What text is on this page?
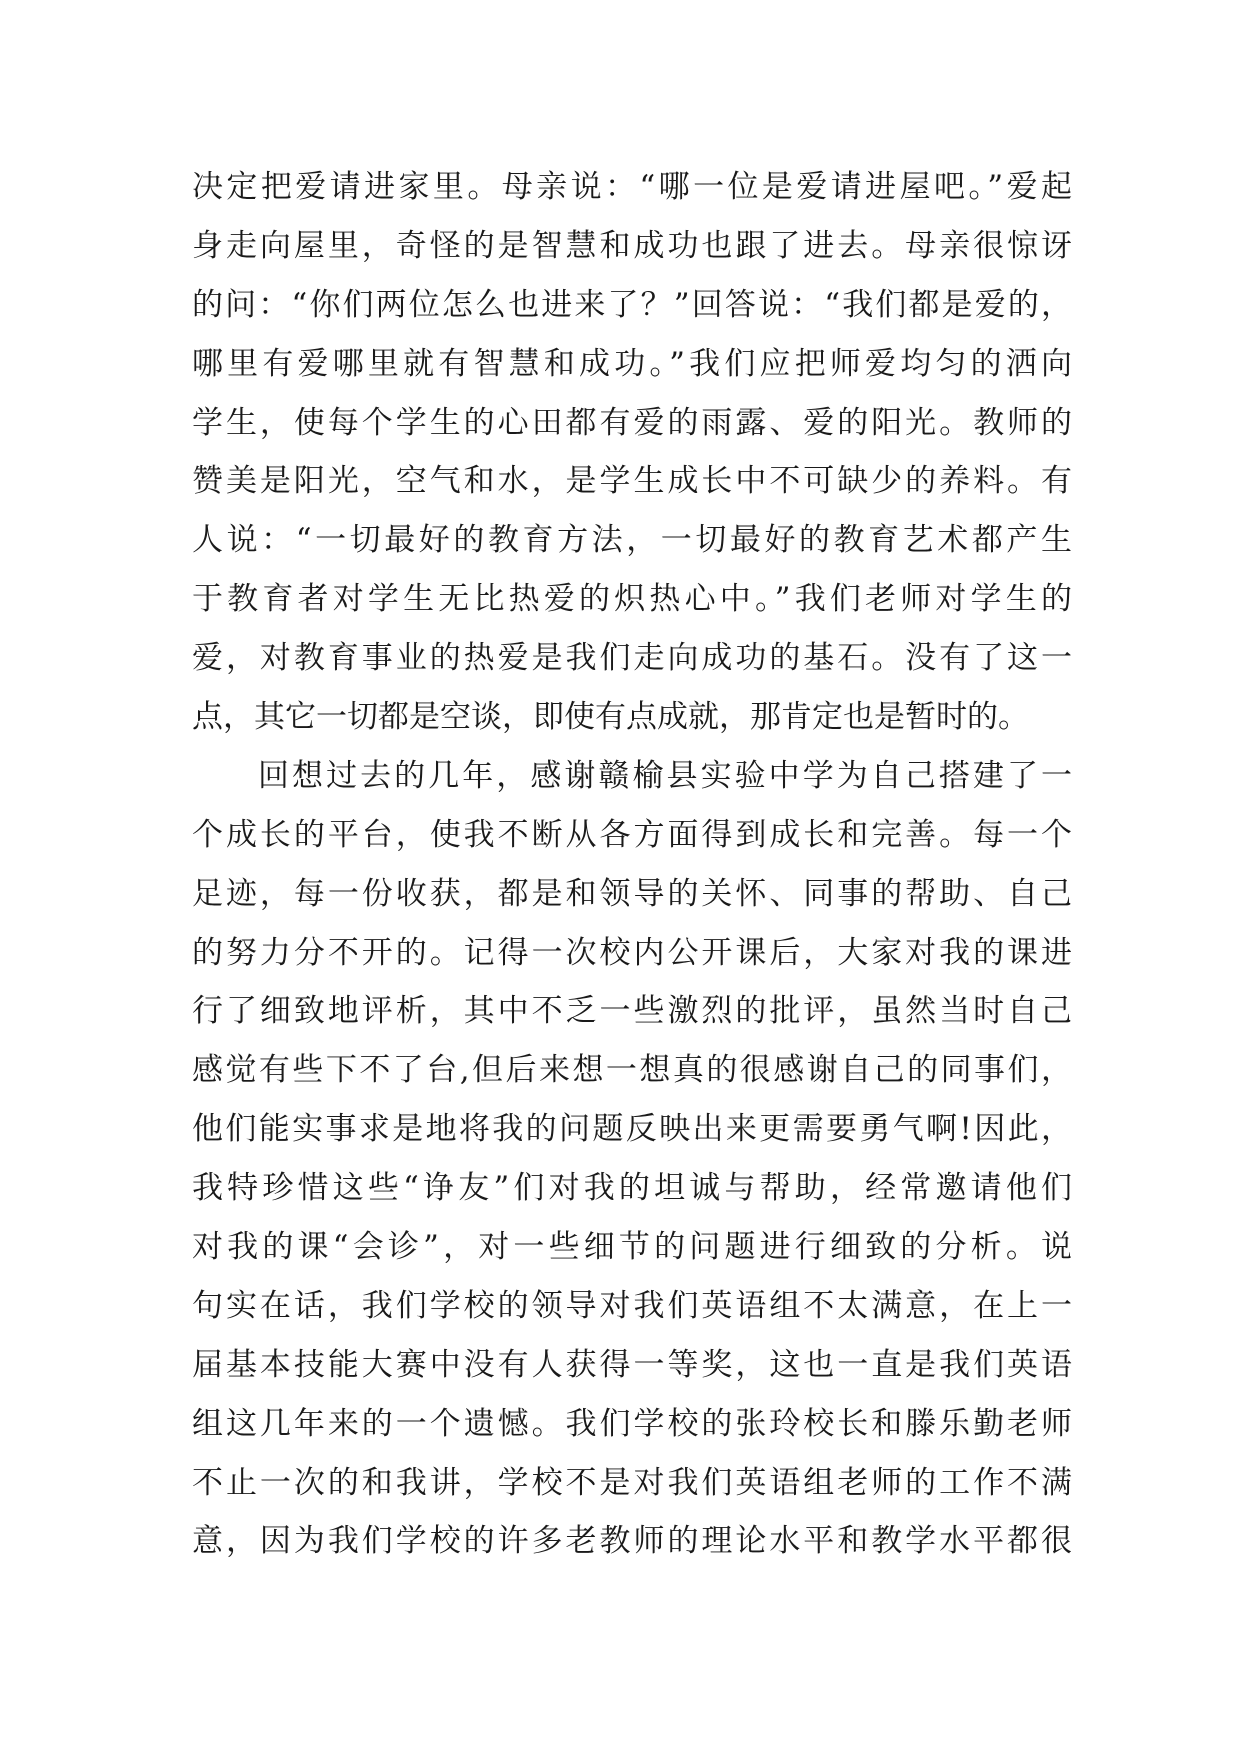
决定把爱请进家里。母亲说：“哪一位是爱请进屋吧。”爱起
身走向屋里，奇怪的是智慧和成功也跟了进去。母亲很惊讶
的问：“你们两位怎么也进来了？”回答说：“我们都是爱的，
哪里有爱哪里就有智慧和成功。”我们应把师爱均匀的洒向
学生，使每个学生的心田都有爱的雨露、爱的阳光。教师的
赞美是阳光，空气和水，是学生成长中不可缺少的养料。有
人说：“一切最好的教育方法，一切最好的教育艺术都产生
于教育者对学生无比热爱的炽热心中。”我们老师对学生的
爱，对教育事业的热爱是我们走向成功的基石。没有了这一
点，其它一切都是空谈，即使有点成就，那肯定也是暂时的。
回想过去的几年，感谢赣榆县实验中学为自己搭建了一
个成长的平台，使我不断从各方面得到成长和完善。每一个
足迹，每一份收获，都是和领导的关怀、同事的帮助、自己
的努力分不开的。记得一次校内公开课后，大家对我的课进
行了细致地评析，其中不乏一些激烈的批评，虽然当时自己
感觉有些下不了台,但后来想一想真的很感谢自己的同事们，
他们能实事求是地将我的问题反映出来更需要勇气啊!因此，
我特珍惜这些“诤友”们对我的坦诚与帮助，经常邀请他们
对我的课“会诊”，对一些细节的问题进行细致的分析。说
句实在话，我们学校的领导对我们英语组不太满意，在上一
届基本技能大赛中没有人获得一等奖，这也一直是我们英语
组这几年来的一个遗憾。我们学校的张玲校长和滕乐勤老师
不止一次的和我讲，学校不是对我们英语组老师的工作不满
意，因为我们学校的许多老教师的理论水平和教学水平都很
